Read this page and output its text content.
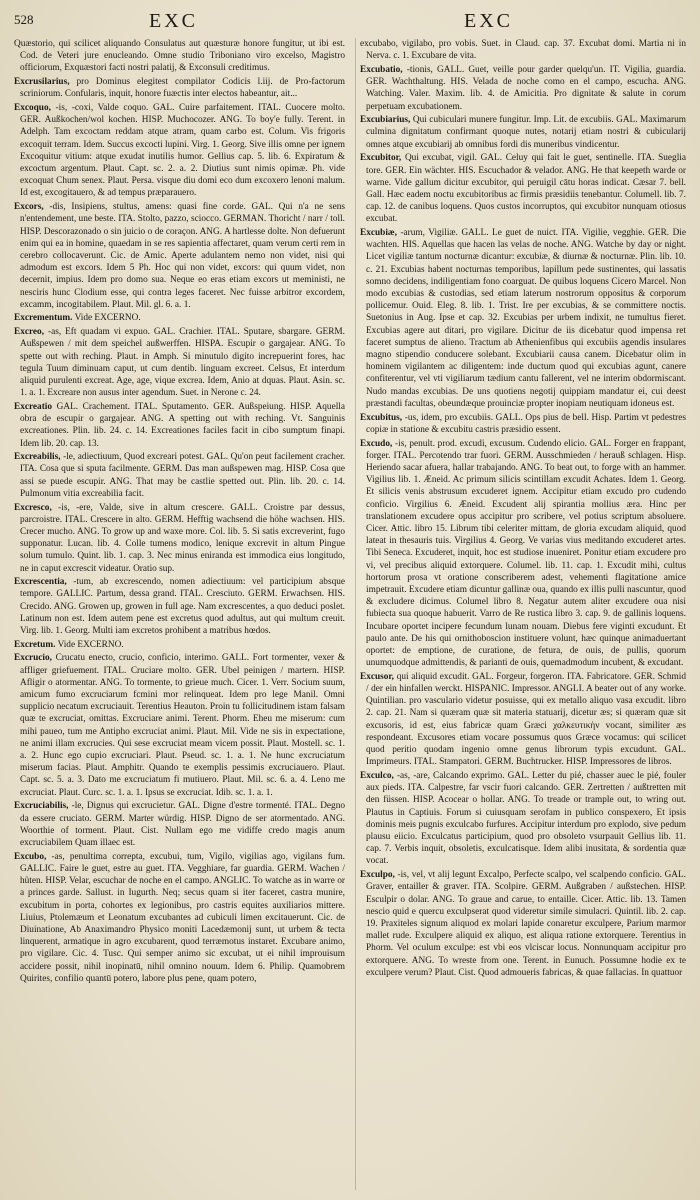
528	EXC	EXC

Quæstorio, qui scilicet aliquando Consulatus aut quæsturæ honore fungitur, ut ibi est. Cod. de Veteri jure enucleando. Omne studio Triboniano viro excelso, Magistro officiorum, Exquæstori facti nostri palatij, & Exconsuli creditimus.

Excrusilarius, pro Dominus elegitest compilator Codicis l.iij. de Pro-factorum scriniorum. Confularis, inquit, honore fuæctis inter electos habeantur, ait...

Excoquo, -is, -coxi, Valde coquo. GAL. Cuire parfaitement. ITAL. Cuocere molto. GER. Außkochen/wol kochen. HISP. Muchocozer. ANG. To boy'e fully. Terent. in Adelph. Tam excoctam reddam atque atram, quam carbo est. Colum. Vis frigoris excoquit terram. Idem. Succus excocti lupini. Virg. 1. Georg. Sive illis omne per ignem Excoquitur vitium: atque exudat inutilis humor. Gellius cap. 5. lib. 6. Expiratum & excoctum argentum. Plaut. Capt. sc. 2. a. 2. Diutius sunt nimis opimæ. Ph. vide excoquat Chum senex. Plaut. Persa. visque diu domi eco dum excoxero lenoni malum. Id est, excogitauero, & ad tempus præparauero.

Excors, -dis, Insipiens, stultus, amens: quasi fine corde. GAL. Qui n'a ne sens n'entendement, une beste. ITA. Stolto, pazzo, sciocco. GERMAN. Thoricht / narr / toll. HISP. Descorazonado o sin juicio o de coraçon. ANG. A hartlesse dolte. Non defuerunt enim qui ea in homine, quaedam in se res sapientia affectaret, quam verum certi rem in cerebro collocaverunt. Cic. de Amic. Aperte adulantem nemo non videt, nisi qui admodum est excors. Idem 5 Ph. Hoc qui non videt, excors: qui quum videt, non decernit, impius. Idem pro domo sua. Neque eo eras etiam excors ut meministi, ne nesciris hunc Clodium esse, qui contra leges faceret. Nec fuisse arbitror excordem, excamm, incogitabilem. Plaut. Mil. gl. 6. a. 1.

Excrementum. Vide EXCERNO.

Excreo, -as, Eft quadam vi expuo. GAL. Crachier. ITAL. Sputare, sbargare. GERM. Außspewen / mit dem speichel außwerffen. HISPA. Escupir o gargajear. ANG. To spette out with reching. Plaut. in Amph. Si minutulo digito increpuerint fores, hac tegula Tuum diminuam caput, ut cum dentib. linguam excreet. Celsus, Et interdum aliquid purulenti excreat. Age, age, vique excrea. Idem, Anio at dquas. Plaut. Asin. sc. 1. a. 1. Excreare non ausus inter agendum. Suet. in Nerone c. 24.

Excreatio GAL. Crachement. ITAL. Sputamento. GER. Außspeiung. HISP. Aquella obra de escupir o gargajear. ANG. A spetting out with reching. Vt. Sanguinis excreationes. Plin. lib. 24. c. 14. Excreationes faciles facit in cibo sumptum finapi. Idem lib. 20. cap. 13.

Excreabilis, -le, adiectiuum, Quod excreari potest. GAL. Qu'on peut facilement cracher. ITA. Cosa que si sputa facilmente. GERM. Das man außspewen mag. HISP. Cosa que assi se puede escupir. ANG. That may be castlie spetted out. Plin. lib. 20. c. 14. Pulmonum vitia excreabilia facit.

Excresco, -is, -ere, Valde, sive in altum crescere. GALL. Croistre par dessus, parcroistre. ITAL. Crescere in alto. GERM. Hefftig wachsend die höhe wachsen. HIS. Crecer mucho. ANG. To grow up and waxe more. Col. lib. 5. Si satis excreverint, fugo supponatur. Lucan. lib. 4. Colle tumens modico, lenique excrevit in altum Pingue solum tumulo. Quint. lib. 1. cap. 3. Nec minus eniranda est immodica eius longitudo, ne in caput excrescit videatur. Oratio sup.

Excrescentia, -tum, ab excrescendo, nomen adiectiuum: vel participium absque tempore. GALLIC. Partum, dessa grand. ITAL. Cresciuto. GERM. Erwachsen. HIS. Crecido. ANG. Growen up, growen in full age. Nam excrescentes, a quo deduci poslet. Latinum non est. Idem autem pene est excretus quod adultus, aut qui multum creuit. Virg. lib. 1. Georg. Multi iam excretos prohibent a matribus hœdos.

Excretum. Vide EXCERNO.

Excrucio, Crucatu enecto, crucio, conficio, interimo. GALL. Fort tormenter, vexer & affliger griefuement. ITAL. Cruciare molto. GER. Ubel peinigen / martern. HISP. Afligir o atormentar. ANG. To tormente, to grieue much. Cicer. 1. Verr. Socium suum, amicum fumo excruciarum fcmini mor relinqueat. Idem pro lege Manil. Omni supplicio necatum excruciauit. Terentius Heauton. Proin tu follicitudinem istam falsam quæ te excruciat, omittas. Excruciare animi. Terent. Phorm. Eheu me miserum: cum mihi paueo, tum me Antipho excruciat animi. Plaut. Mil. Vide ne sis in expectatione, ne animi illam excrucies. Qui sese excruciat meam vicem possit. Plaut. Mostell. sc. 1. a. 2. Hunc ego cupio excruciari. Plaut. Pseud. sc. 1. a. 1. Ne hunc excruciatum miserum facias. Plaut. Amphitr. Quando te exemplis pessimis excruciauero. Plaut. Capt. sc. 5. a. 3. Dato me excruciatum fi mutiuero. Plaut. Mil. sc. 6. a. 4. Leno me excruciat. Plaut. Curc. sc. 1. a. 1. Ipsus se excruciat. Idib. sc. 1. a. 1.

Excruciabilis, -le, Dignus qui excrucietur. GAL. Digne d'estre tormenté. ITAL. Degno da essere cruciato. GERM. Marter würdig. HISP. Digno de ser atormentado. ANG. Woorthie of torment. Plaut. Cist. Nullam ego me vidiffe credo magis anum excruciabilem Quam illaec est.

Excubo, -as, penultima correpta, excubui, tum, Vigilo, vigilias ago, vigilans fum. GALLIC. Faire le guet, estre au guet. ITA. Vegghiare, far guardia. GERM. Wachen / hüten. HISP. Velar, escuchar de noche en el campo. ANGLIC. To watche as in warre or a princes garde. Sallust. in Iugurth. Neq; secus quam si iter faceret, castra munire, excubitum in porta, cohortes ex legionibus, pro castris equites auxiliarios mittere. Liuius, Ptolemæum et Leonatum excubantes ad cubiculi limen excitauerunt. Cic. de Diuinatione, Ab Anaximandro Physico moniti Lacedæmonij sunt, ut urbem & tecta linquerent, armatique in agro excubarent, quod terræmotus instaret. Excubare animo, pro vigilare. Cic. 4. Tusc. Qui semper animo sic excubat, ut ei nihil improuisum accidere possit, nihil inopinatū, nihil omnino nouum. Idem 6. Philip. Quamobrem Quirites, confilio quantū potero, labore plus pene, quam potero,

excubabo, vigilabo, pro vobis. Suet. in Claud. cap. 37. Excubat domi. Martia ni in Nerva. c. 1. Excubare de vita.

Excubatio, -tionis, GALL. Guet, veille pour garder quelqu'un. IT. Vigilia, guardia. GER. Wachthaltung. HIS. Velada de noche como en el campo, escucha. ANG. Watching. Valer. Maxim. lib. 4. de Amicitia. Pro dignitate & salute in corum perpetuam excubationem.

Excubiarius, Qui cubiculari munere fungitur. Imp. Lit. de excubiis. GAL. Maximarum culmina dignitatum confirmant quoque nutes, notarij etiam nostri & cubicularij omnes atque excubiarij ab omnibus fordi dis muneribus vindicentur.

Excubitor, Qui excubat, vigil. GAL. Celuy qui fait le guet, sentinelle. ITA. Sueglia tore. GER. Ein wächter. HIS. Escuchador & velador. ANG. He that keepeth warde or warne. Vide gallum dicitur excubitor, qui peruigil cātu horas indicat. Cæsar 7. bell. Gall. Hæc eadem noctu excubitoribus ac firmis præsidiis tenebantur. Columell. lib. 7. cap. 12. de canibus loquens. Quos custos incorruptos, qui excubitor nunquam otiosus excubat.

Excubiæ, -arum, Vigiliæ. GALL. Le guet de nuict. ITA. Vigilie, vegghie. GER. Die wachten. HIS. Aquellas que hacen las velas de noche. ANG. Watche by day or night. Licet vigiliæ tantum nocturnæ dicantur: excubiæ, & diurnæ & nocturnæ. Plin. lib. 10. c. 21. Excubias habent nocturnas temporibus, lapillum pede sustinentes, qui lassatis somno decidens, indiligentiam fono coarguat. De quibus loquens Cicero Marcel. Non modo excubias & custodias, sed etiam laterum nostrorum oppositus & corporum pollicemur. Ouid. Eleg. 8. lib. 1. Trist. Ire per excubias, & se committere noctis. Suetonius in Aug. Ipse et cap. 32. Excubias per urbem indixit, ne tumultus fieret. Excubias agere aut ditari, pro vigilare. Dicitur de iis dicebatur quod impensa ret faceret sumptus de alieno. Tractum ab Athenienfibus qui excubiis agendis insulares magno stipendio conducere solebant. Excubiarii causa canem. Dicebatur olim in hominem vigilantem ac diligentem: inde ductum quod qui excubias agunt, canere confiterentur, vel vti vigiliarum tædium cantu fallerent, vel ne interim obdormiscant. Nudo mandas excubias. De uns quotiens negotij quippiam mandatur ei, cui deest præstandi facultas, obeundæque prouinciæ propter inopiam neutiquam idoneus est.

Excubitus, -us, idem, pro excubiis. GALL. Ops pius de bell. Hisp. Partim vt pedestres copiæ in statione & excubitu castris præsidio essent.

Excudo, -is, penult. prod. excudi, excusum. Cudendo elicio. GAL. Forger en frappant, forger. ITAL. Percotendo trar fuori. GERM. Ausschmieden / herauß schlagen. Hisp. Heriendo sacar afuera, hallar trabajando. ANG. To beat out, to forge with an hammer. Vigilius lib. 1. Æneid. Ac primum silicis scintillam excudit Achates. Idem 1. Georg. Et silicis venis abstrusum excuderet ignem. Accipitur etiam excudo pro cudendo conficio. Virgilius 6. Æneid. Excudent alij spirantia mollius æra. Hinc per translationem excudere opus accipitur pro scribere, vel potius scriptum absoluere. Cicer. Attic. libro 15. Librum tibi celeriter mittam, de gloria excudam aliquid, quod lateat in thesauris tuis. Virgilius 4. Georg. Ve varias vius meditando excuderet artes. Tibi Seneca. Excuderet, inquit, hoc est studiose inueniret. Ponitur etiam excudere pro vi, vel precibus aliquid extorquere. Columel. lib. 11. cap. 1. Excudit mihi, cultus hortorum prosa vt oratione conscriberem adest, vehementi flagitatione amice impetrauit. Excudere etiam dicuntur gallinæ oua, quando ex illis pulli nascuntur, quod & excludere dicimus. Columel libro 8. Negatur autem aliter excudere oua nisi fubiecta sua quoque habuerit. Varro de Re rustica libro 3. cap. 9. de gallinis loquens. Incubare oportet incipere fecundum lunam nouam. Diebus fere viginti excudunt. Et paulo ante. De his qui ornithoboscion instituere volunt, hæc quinque animaduertant oportet: de emptione, de curatione, de fetura, de ouis, de pullis, quorum unumquodque admittendis, & parianti de ouis, quemadmodum incubent, & excudant.

Excusor, qui aliquid excudit. GAL. Forgeur, forgeron. ITA. Fabricatore. GER. Schmid / der ein hinfallen werckt. HISPANIC. Impressor. ANGLI. A beater out of any worke. Quintilian. pro vasculario videtur posuisse, qui ex metallo aliquo vasa excudit. libro 2. cap. 21. Nam si quæram quæ sit materia statuarij, dicetur æs; si quæram quæ sit excusoris, id est, eius fabricæ quam Græci χαλκευτικὴν vocant, similiter æs respondeant. Excusores etiam vocare possumus quos Græce vocamus: qui scilicet quod peritio quodam ingenio omne genus librorum typis excudunt. GAL. Imprimeurs. ITAL. Stampatori. GERM. Buchtrucker. HISP. Impressores de libros.

Exculco, -as, -are, Calcando exprimo. GAL. Letter du pié, chasser auec le pié, fouler aux pieds. ITA. Calpestre, far vscir fuori calcando. GER. Zertretten / außtretten mit den füssen. HISP. Acocear o hollar. ANG. To treade or trample out, to wring out. Plautus in Captiuis. Forum si cuiusquam serofam in publico conspexero, Et ipsis dominis meis pugnis exculcabo furfures. Accipitur interdum pro explodo, sive pedum plausu eiicio. Exculcatus participium, quod pro obsoleto vsurpauit Gellius lib. 11. cap. 7. Verbis inquit, obsoletis, exculcatisque. Idem alibi inusitata, & sordentia quæ vocat.

Exculpo, -is, vel, vt alij legunt Excalpo, Perfecte scalpo, vel scalpendo conficio. GAL. Graver, entailler & graver. ITA. Scolpire. GERM. Außgraben / außstechen. HISP. Esculpir o dolar. ANG. To graue and carue, to entaille. Cicer. Attic. lib. 13. Tamen nescio quid e quercu exculpserat quod videretur simile simulacri. Quintil. lib. 2. cap. 19. Praxiteles signum aliquod ex molari lapide conaretur exculpere, Parium marmor mallet rude. Exculpere aliquid ex aliquo, est aliqua ratione extorquere. Terentius in Phorm. Vel oculum exculpe: est vbi eos vlciscar locus. Nonnunquam accipitur pro extorquere. ANG. To wreste from one. Terent. in Eunuch. Possumne hodie ex te exculpere verum? Plaut. Cist. Quod admoueris fabricas, & quae fallacias. In quattuor
